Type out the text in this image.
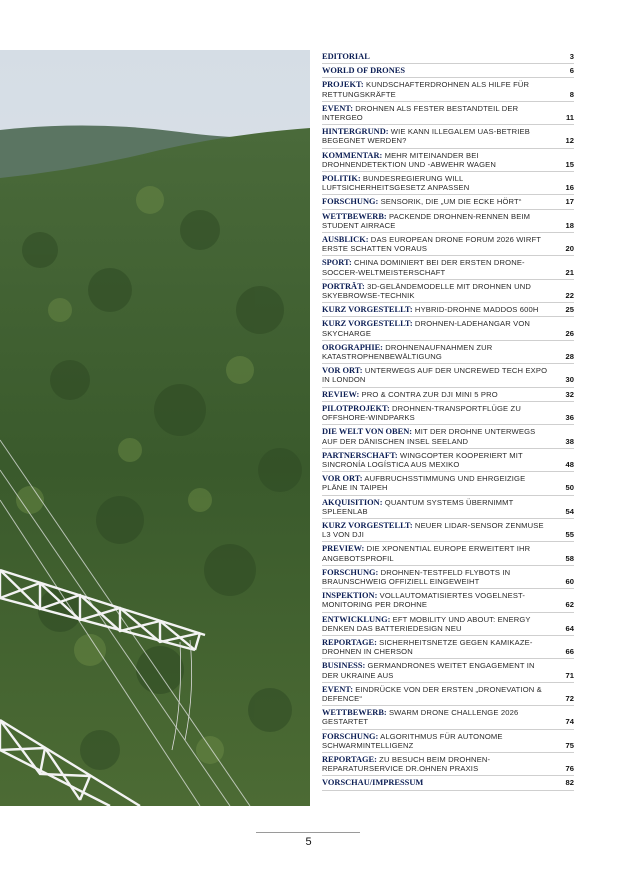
EDITORIAL	3
WORLD OF DRONES	6
PROJEKT: KUNDSCHAFTERDROHNEN ALS HILFE FÜR RETTUNGSKRÄFTE	8
EVENT: DROHNEN ALS FESTER BESTANDTEIL DER INTERGEO	11
HINTERGRUND: WIE KANN ILLEGALEM UAS-BETRIEB BEGEGNET WERDEN?	12
KOMMENTAR: MEHR MITEINANDER BEI DROHNENDETEKTION UND -ABWEHR WAGEN	15
POLITIK: BUNDESREGIERUNG WILL LUFTSICHERHEITSGESETZ ANPASSEN	16
FORSCHUNG: SENSORIK, DIE „UM DIE ECKE HÖRT“	17
WETTBEWERB: PACKENDE DROHNEN-RENNEN BEIM STUDENT AIRRACE	18
AUSBLICK: DAS EUROPEAN DRONE FORUM 2026 WIRFT ERSTE SCHATTEN VORAUS	20
SPORT: CHINA DOMINIERT BEI DER ERSTEN DRONE-SOCCER-WELTMEISTERSCHAFT	21
PORTRÄT: 3D-GELÄNDEMODELLE MIT DROHNEN UND SKYEBROWSE-TECHNIK	22
KURZ VORGESTELLT: HYBRID-DROHNE MADDOS 600H	25
KURZ VORGESTELLT: DROHNEN-LADEHANGAR VON SKYCHARGE	26
OROGRAPHIE: DROHNENAUFNAHMEN ZUR KATASTROPHENBEWÄLTIGUNG	28
VOR ORT: UNTERWEGS AUF DER UNCREWED TECH EXPO IN LONDON	30
REVIEW: PRO & CONTRA ZUR DJI MINI 5 PRO	32
PILOTPROJEKT: DROHNEN-TRANSPORTFLÜGE ZU OFFSHORE-WINDPARKS	36
DIE WELT VON OBEN: MIT DER DROHNE UNTERWEGS AUF DER DÄNISCHEN INSEL SEELAND	38
PARTNERSCHAFT: WINGCOPTER KOOPERIERT MIT SINCRONÍA LOGÍSTICA AUS MEXIKO	48
VOR ORT: AUFBRUCHSSTIMMUNG UND EHRGEIZIGE PLÄNE IN TAIPEH	50
AKQUISITION: QUANTUM SYSTEMS ÜBERNIMMT SPLEENLAB	54
KURZ VORGESTELLT: NEUER LIDAR-SENSOR ZENMUSE L3 VON DJI	55
PREVIEW: DIE XPONENTIAL EUROPE ERWEITERT IHR ANGEBOTSPROFIL	58
FORSCHUNG: DROHNEN-TESTFELD FLYBOTS IN BRAUNSCHWEIG OFFIZIELL EINGEWEIHT	60
INSPEKTION: VOLLAUTOMATISIERTES VOGELNEST-MONITORING PER DROHNE	62
ENTWICKLUNG: EFT MOBILITY UND ABOUT: ENERGY DENKEN DAS BATTERIEDESIGN NEU	64
REPORTAGE: SICHERHEITSNETZE GEGEN KAMIKAZE-DROHNEN IN CHERSON	66
BUSINESS: GERMANDRONES WEITET ENGAGEMENT IN DER UKRAINE AUS	71
EVENT: EINDRÜCKE VON DER ERSTEN „DRONEVATION & DEFENCE“	72
WETTBEWERB: SWARM DRONE CHALLENGE 2026 GESTARTET	74
FORSCHUNG: ALGORITHMUS FÜR AUTONOME SCHWARMINTELLIGENZ	75
REPORTAGE: ZU BESUCH BEIM DROHNEN-REPARATURSERVICE DR.OHNEN PRAXIS	76
VORSCHAU/IMPRESSUM	82
5
